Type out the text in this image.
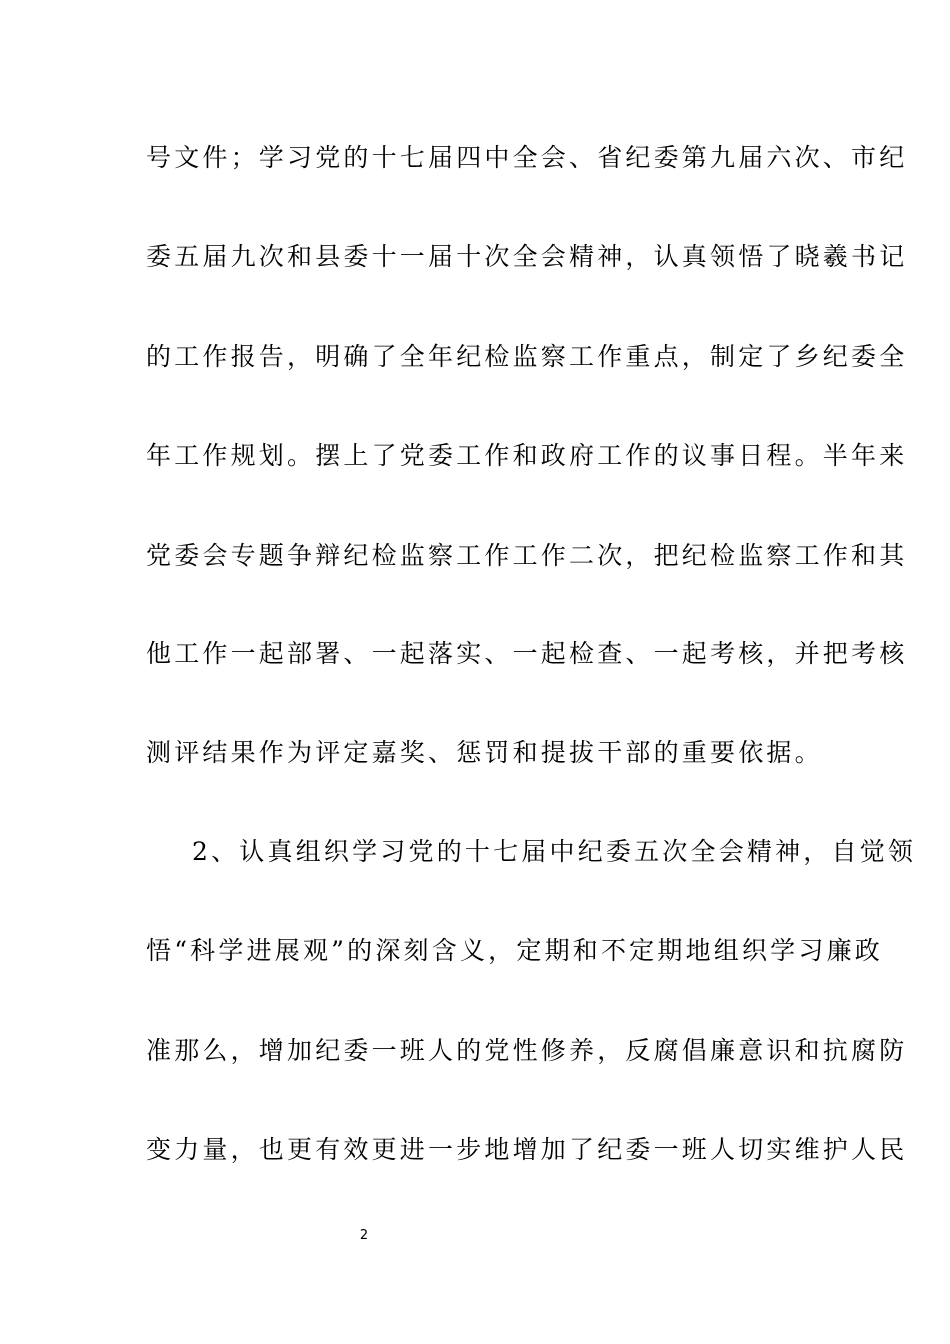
号文件；学习党的十七届四中全会、省纪委第九届六次、市纪
委五届九次和县委十一届十次全会精神，认真领悟了晓羲书记
的工作报告，明确了全年纪检监察工作重点，制定了乡纪委全
年工作规划。摆上了党委工作和政府工作的议事日程。半年来
党委会专题争辩纪检监察工作工作二次，把纪检监察工作和其
他工作一起部署、一起落实、一起检查、一起考核，并把考核
测评结果作为评定嘉奖、惩罚和提拔干部的重要依据。
2、认真组织学习党的十七届中纪委五次全会精神，自觉领
悟“科学进展观”的深刻含义，定期和不定期地组织学习廉政
准那么，增加纪委一班人的党性修养，反腐倡廉意识和抗腐防
变力量，也更有效更进一步地增加了纪委一班人切实维护人民
2
